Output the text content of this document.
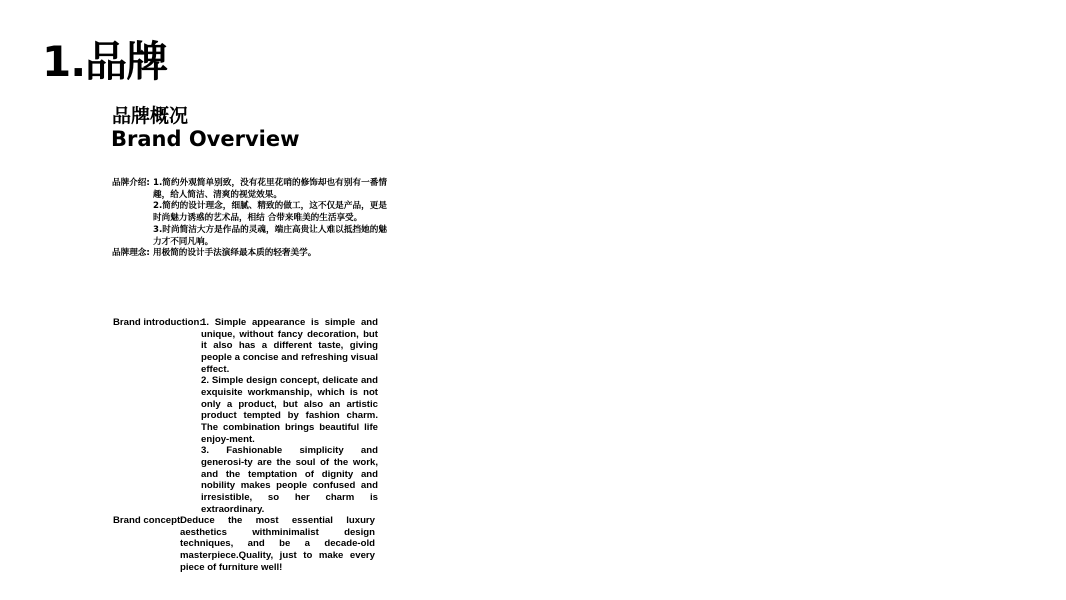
1.品牌
品牌概况
Brand Overview
品牌介绍: 1.简约外观简单别致，没有花里花哨的修饰却也有别有一番情趣，给人简洁、清爽的视觉效果。

2.简约的设计理念，细腻、精致的做工，这不仅是产品，更是时尚魅力诱惑的艺术品，相结 合带来唯美的生活享受。

3.时尚简洁大方是作品的灵魂，端庄高贵让人难以抵挡她的魅力才不同凡响。

品牌理念: 用极简的设计手法演绎最本质的轻奢美学。
Brand introduction:

1. Simple appearance is simple and unique, without fancy decoration, but it also has a different taste, giving people a concise and refreshing visual effect.

2. Simple design concept, delicate and exquisite workmanship, which is not only a product, but also an artistic product tempted by fashion charm. The combination brings beautiful life enjoy-ment.

3. Fashionable simplicity and generosi-ty are the soul of the work, and the temptation of dignity and nobility makes people confused and irresistible, so her charm is extraordinary.

Brand concept:
Deduce the most essential luxury aesthetics withminimalist design techniques, and be a decade-old masterpiece.Quality, just to make every piece of furniture well!
